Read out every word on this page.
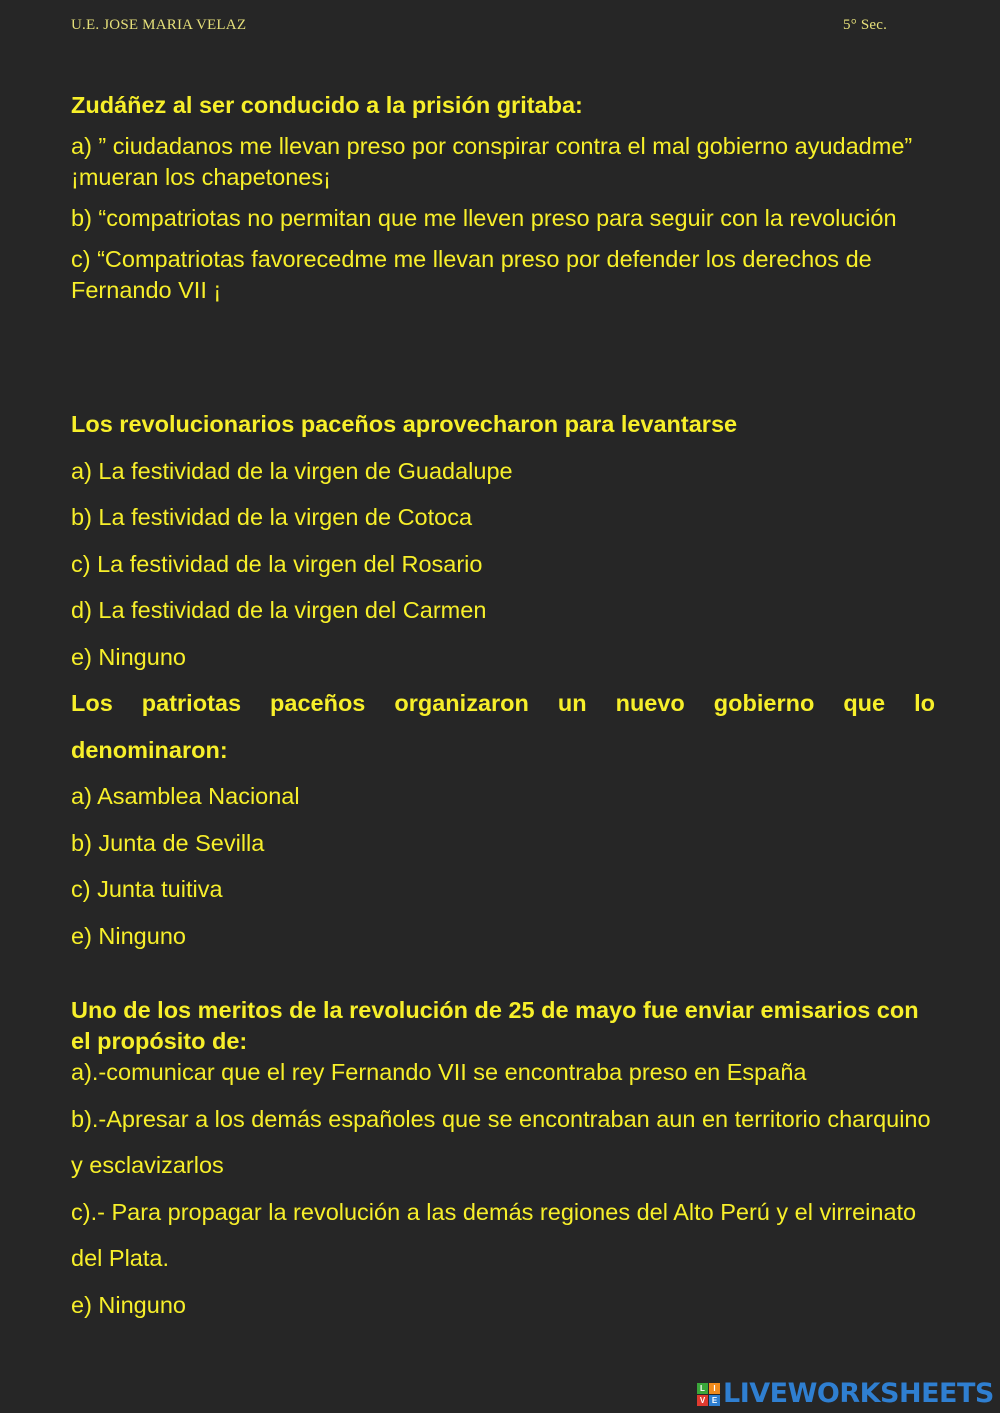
U.E. JOSE MARIA VELAZ	5° Sec.

Zudáñez al ser conducido a la prisión gritaba:

a) ” ciudadanos me llevan preso por conspirar contra el mal gobierno ayudadme” ¡mueran los chapetones¡

b) “compatriotas no permitan que me lleven preso para seguir con la revolución

c) “Compatriotas favorecedme me llevan preso por defender los derechos de Fernando VII ¡

Los revolucionarios paceños aprovecharon para levantarse

a) La festividad de la virgen de Guadalupe

b) La festividad de la virgen de Cotoca

c) La festividad de la virgen del Rosario

d) La festividad de la virgen del Carmen

e) Ninguno

Los patriotas paceños organizaron un nuevo gobierno que lo

denominaron:

a) Asamblea Nacional

b) Junta de Sevilla

c) Junta tuitiva

e) Ninguno

Uno de los meritos de la revolución de 25 de mayo fue enviar emisarios con el propósito de:

a).-comunicar que el rey Fernando VII se encontraba preso en España

b).-Apresar a los demás españoles que se encontraban aun en territorio charquino y esclavizarlos

c).- Para propagar la revolución a las demás regiones del Alto Perú y el virreinato del Plata.

e) Ninguno

L	I
V E LIVEWORKSHEETS
